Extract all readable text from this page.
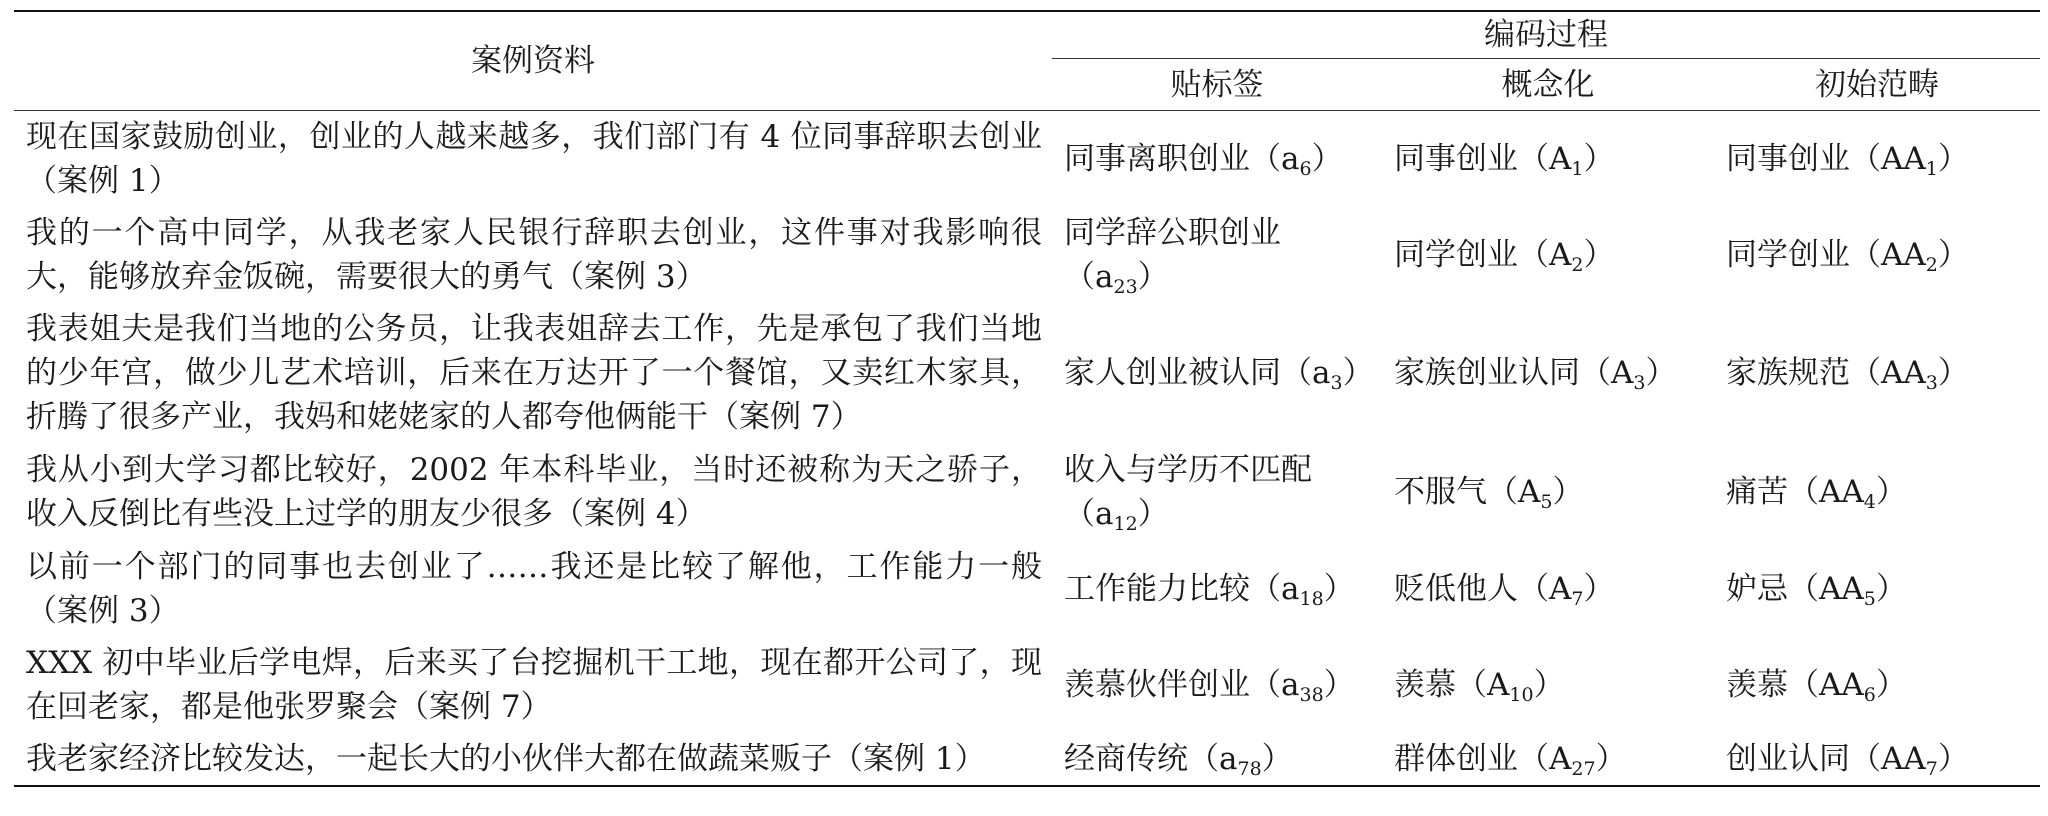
案例资料	编码过程		
	贴标签	概念化	初始范畴
现在国家鼓励创业，创业的人越来越多，我们部门有 4 位同事辞职去创业（案例 1）	同事离职创业$(a_6)$	同事创业$(A_1)$	同事创业$(AA_1)$
我的一个高中同学，从我老家人民银行辞职去创业，这件事对我影响很大，能够放弃金饭碗，需要很大的勇气（案例 3）	同学辞公职创业$(a_{23})$	同学创业$(A_2)$	同学创业$(AA_2)$
我表姐夫是我们当地的公务员，让我表姐辞去工作，先是承包了我们当地的少年宫，做少儿艺术培训，后来在万达开了一个餐馆，又卖红木家具，折腾了很多产业，我妈和姥姥家的人都夸他俩能干（案例 7）	家人创业被认同$(a_3)$	家族创业认同$(A_3)$	家族规范$(AA_3)$
我从小到大学习都比较好，2002 年本科毕业，当时还被称为天之骄子，收入反倒比有些没上过学的朋友少很多（案例 4）	收入与学历不匹配$(a_{12})$	不服气$(A_5)$	痛苦$(AA_4)$
以前一个部门的同事也去创业了……我还是比较了解他，工作能力一般（案例 3）	工作能力比较$(a_{18})$	贬低他人$(A_7)$	妒忌$(AA_5)$
XXX 初中毕业后学电焊，后来买了台挖掘机干工地，现在都开公司了，现在回老家，都是他张罗聚会（案例 7）	羡慕伙伴创业$(a_{38})$	羡慕$(A_{10})$	羡慕$(AA_6)$
我老家经济比较发达，一起长大的小伙伴大都在做蔬菜贩子（案例 1）	经商传统$(a_{78})$	群体创业$(A_{27})$	创业认同$(AA_7)$
